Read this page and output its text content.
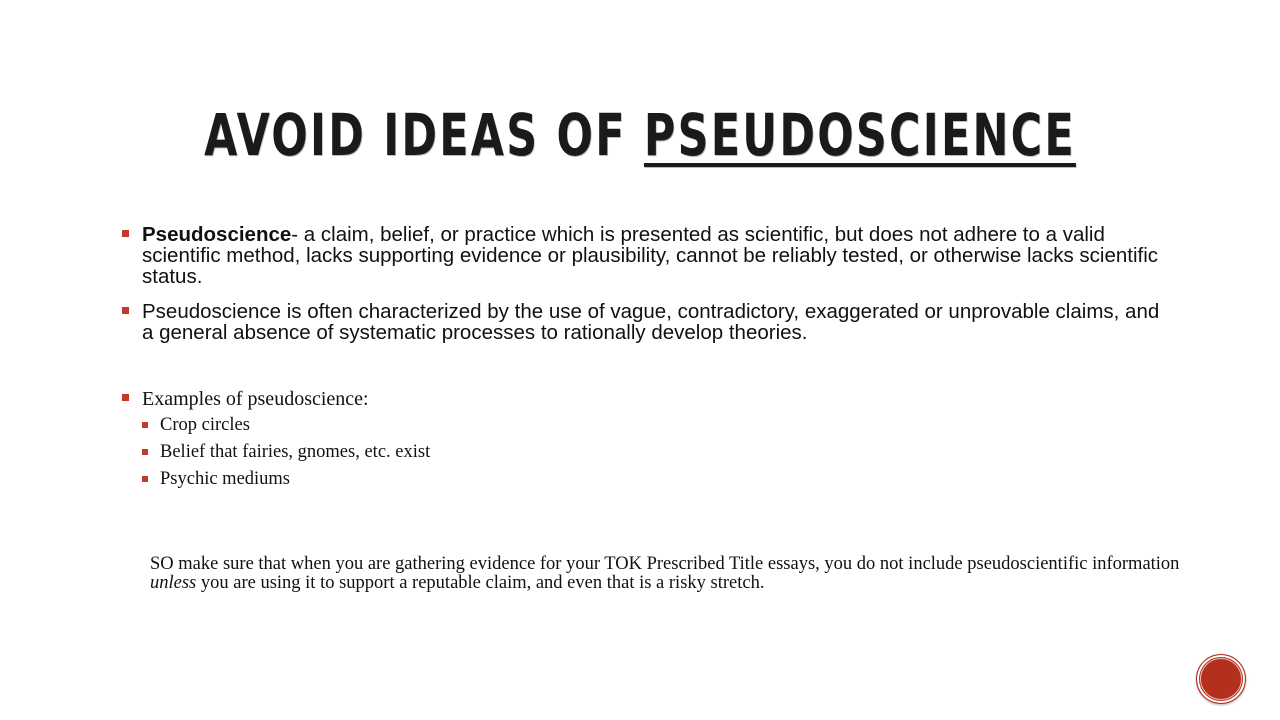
AVOID IDEAS OF PSEUDOSCIENCE
Pseudoscience- a claim, belief, or practice which is presented as scientific, but does not adhere to a valid scientific method, lacks supporting evidence or plausibility, cannot be reliably tested, or otherwise lacks scientific status.
Pseudoscience is often characterized by the use of vague, contradictory, exaggerated or unprovable claims, and a general absence of systematic processes to rationally develop theories.
Examples of pseudoscience:
Crop circles
Belief that fairies, gnomes, etc. exist
Psychic mediums
SO make sure that when you are gathering evidence for your TOK Prescribed Title essays, you do not include pseudoscientific information unless you are using it to support a reputable claim, and even that is a risky stretch.
